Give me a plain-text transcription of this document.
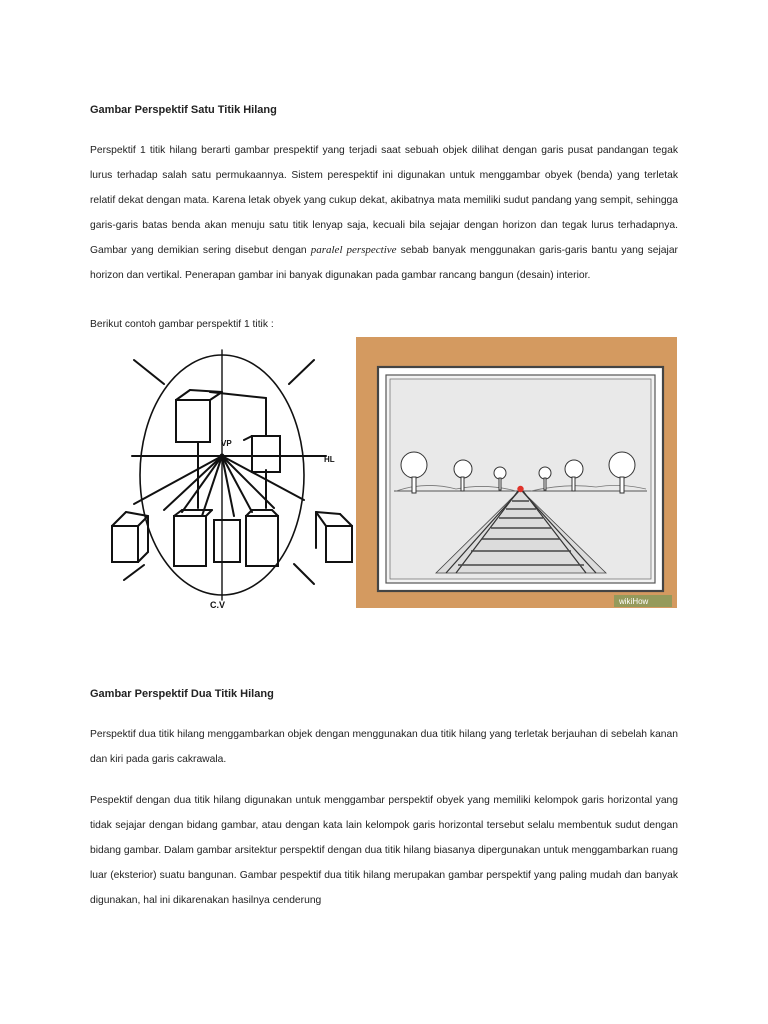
Gambar Perspektif Satu Titik Hilang
Perspektif 1 titik hilang berarti gambar prespektif yang terjadi saat sebuah objek dilihat dengan garis pusat pandangan tegak lurus terhadap salah satu permukaannya. Sistem perespektif ini digunakan untuk menggambar obyek (benda) yang terletak relatif dekat dengan mata. Karena letak obyek yang cukup dekat, akibatnya mata memiliki sudut pandang yang sempit, sehingga garis-garis batas benda akan menuju satu titik lenyap saja, kecuali bila sejajar dengan horizon dan tegak lurus terhadapnya. Gambar yang demikian sering disebut dengan paralel perspective sebab banyak menggunakan garis-garis bantu yang sejajar horizon dan vertikal. Penerapan gambar ini banyak digunakan pada gambar rancang bangun (desain) interior.
Berikut contoh gambar perspektif 1 titik :
VP
HL
C.V	wikiHow
Gambar Perspektif Dua Titik Hilang
Perspektif dua titik hilang menggambarkan objek dengan menggunakan dua titik hilang yang terletak berjauhan di sebelah kanan dan kiri pada garis cakrawala.
Pespektif dengan dua titik hilang digunakan untuk menggambar perspektif obyek yang memiliki kelompok garis horizontal yang tidak sejajar dengan bidang gambar, atau dengan kata lain kelompok garis horizontal tersebut selalu membentuk sudut dengan bidang gambar. Dalam gambar arsitektur perspektif dengan dua titik hilang biasanya dipergunakan untuk menggambarkan ruang luar (eksterior) suatu bangunan. Gambar pespektif dua titik hilang merupakan gambar perspektif yang paling mudah dan banyak digunakan, hal ini dikarenakan hasilnya cenderung
